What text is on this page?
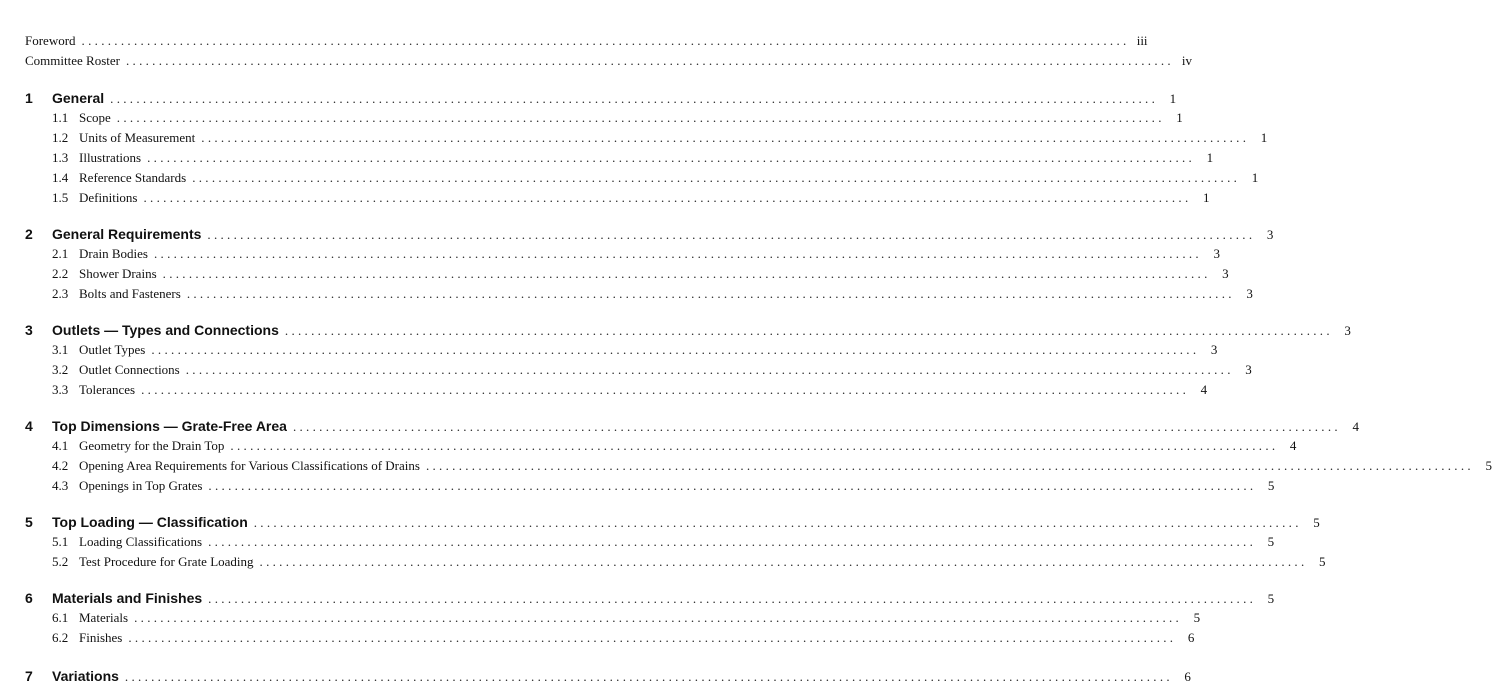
Foreword ................................................................................................................................................................ iii
Committee Roster ................................................................................................................................................................ iv
1	General ................................................................................................................................................................ 1
1.1 Scope ................................................................................................................................................................ 1
1.2 Units of Measurement ................................................................................................................................................................ 1
1.3 Illustrations ................................................................................................................................................................ 1
1.4 Reference Standards ................................................................................................................................................................ 1
1.5 Definitions ................................................................................................................................................................ 1
2	General Requirements ................................................................................................................................................................ 3
2.1 Drain Bodies ................................................................................................................................................................ 3
2.2 Shower Drains ................................................................................................................................................................ 3
2.3 Bolts and Fasteners ................................................................................................................................................................ 3
3	Outlets — Types and Connections ................................................................................................................................................................ 3
3.1 Outlet Types ................................................................................................................................................................ 3
3.2 Outlet Connections ................................................................................................................................................................ 3
3.3 Tolerances ................................................................................................................................................................ 4
4	Top Dimensions — Grate-Free Area ................................................................................................................................................................ 4
4.1 Geometry for the Drain Top ................................................................................................................................................................ 4
4.2 Opening Area Requirements for Various Classifications of Drains ................................................................................................................................................................ 5
4.3 Openings in Top Grates ................................................................................................................................................................ 5
5	Top Loading — Classification ................................................................................................................................................................ 5
5.1 Loading Classifications ................................................................................................................................................................ 5
5.2 Test Procedure for Grate Loading ................................................................................................................................................................ 5
6	Materials and Finishes ................................................................................................................................................................ 5
6.1 Materials ................................................................................................................................................................ 5
6.2 Finishes ................................................................................................................................................................ 6
7	Variations ................................................................................................................................................................ 6
